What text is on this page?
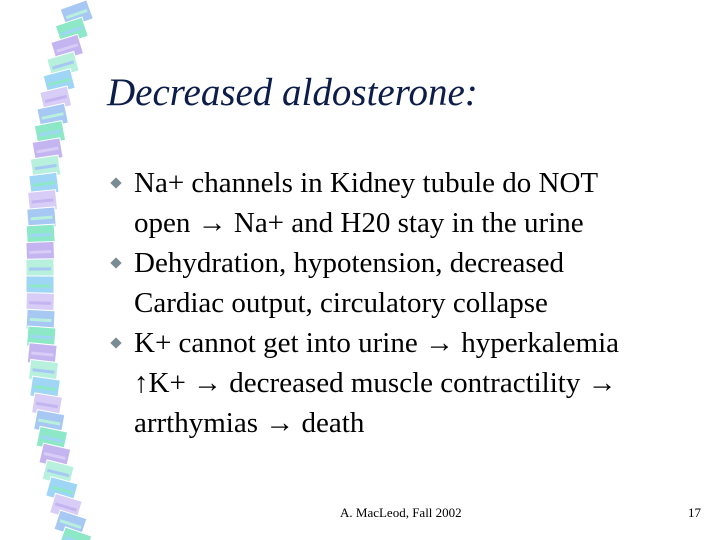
Decreased aldosterone:
Na+ channels in Kidney tubule do NOT
open → Na+ and H20 stay in the urine
Dehydration, hypotension, decreased
Cardiac output, circulatory collapse
K+ cannot get into urine → hyperkalemia
↑K+ → decreased muscle contractility →
arrthymias → death
A. MacLeod, Fall 2002	17
